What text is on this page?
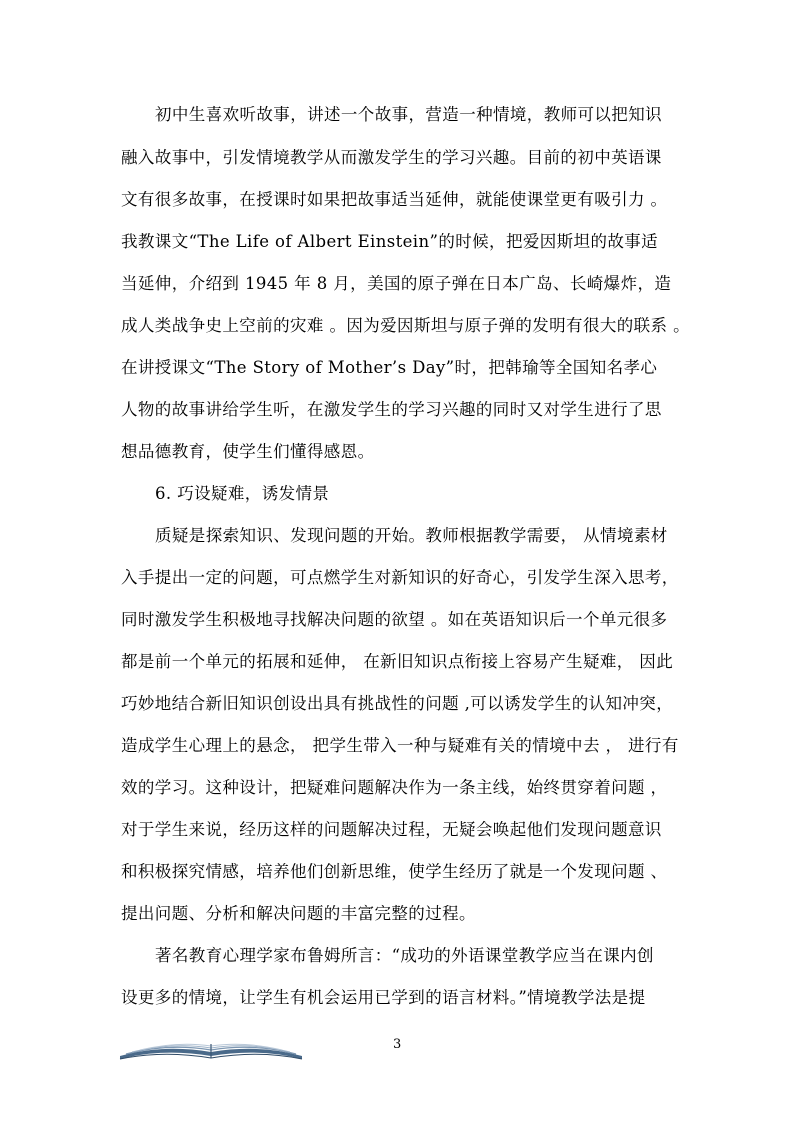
初中生喜欢听故事，讲述一个故事，营造一种情境，教师可以把知识
融入故事中，引发情境教学从而激发学生的学习兴趣。目前的初中英语课
文有很多故事，在授课时如果把故事适当延伸，就能使课堂更有吸引力 。
我教课文“The Life of Albert Einstein”的时候，把爱因斯坦的故事适
当延伸，介绍到 1945 年 8 月，美国的原子弹在日本广岛、长崎爆炸，造
成人类战争史上空前的灾难 。因为爱因斯坦与原子弹的发明有很大的联系 。
在讲授课文“The Story of Mother’s Day”时，把韩瑜等全国知名孝心
人物的故事讲给学生听，在激发学生的学习兴趣的同时又对学生进行了思
想品德教育，使学生们懂得感恩。
6. 巧设疑难，诱发情景
质疑是探索知识、发现问题的开始。教师根据教学需要， 从情境素材
入手提出一定的问题，可点燃学生对新知识的好奇心，引发学生深入思考，
同时激发学生积极地寻找解决问题的欲望 。如在英语知识后一个单元很多
都是前一个单元的拓展和延伸， 在新旧知识点衔接上容易产生疑难， 因此
巧妙地结合新旧知识创设出具有挑战性的问题 ,可以诱发学生的认知冲突，
造成学生心理上的悬念， 把学生带入一种与疑难有关的情境中去 ， 进行有
效的学习。这种设计，把疑难问题解决作为一条主线，始终贯穿着问题 ，
对于学生来说，经历这样的问题解决过程，无疑会唤起他们发现问题意识
和积极探究情感，培养他们创新思维，使学生经历了就是一个发现问题 、
提出问题、分析和解决问题的丰富完整的过程。
著名教育心理学家布鲁姆所言：“成功的外语课堂教学应当在课内创
设更多的情境，让学生有机会运用已学到的语言材料。”情境教学法是提
3
